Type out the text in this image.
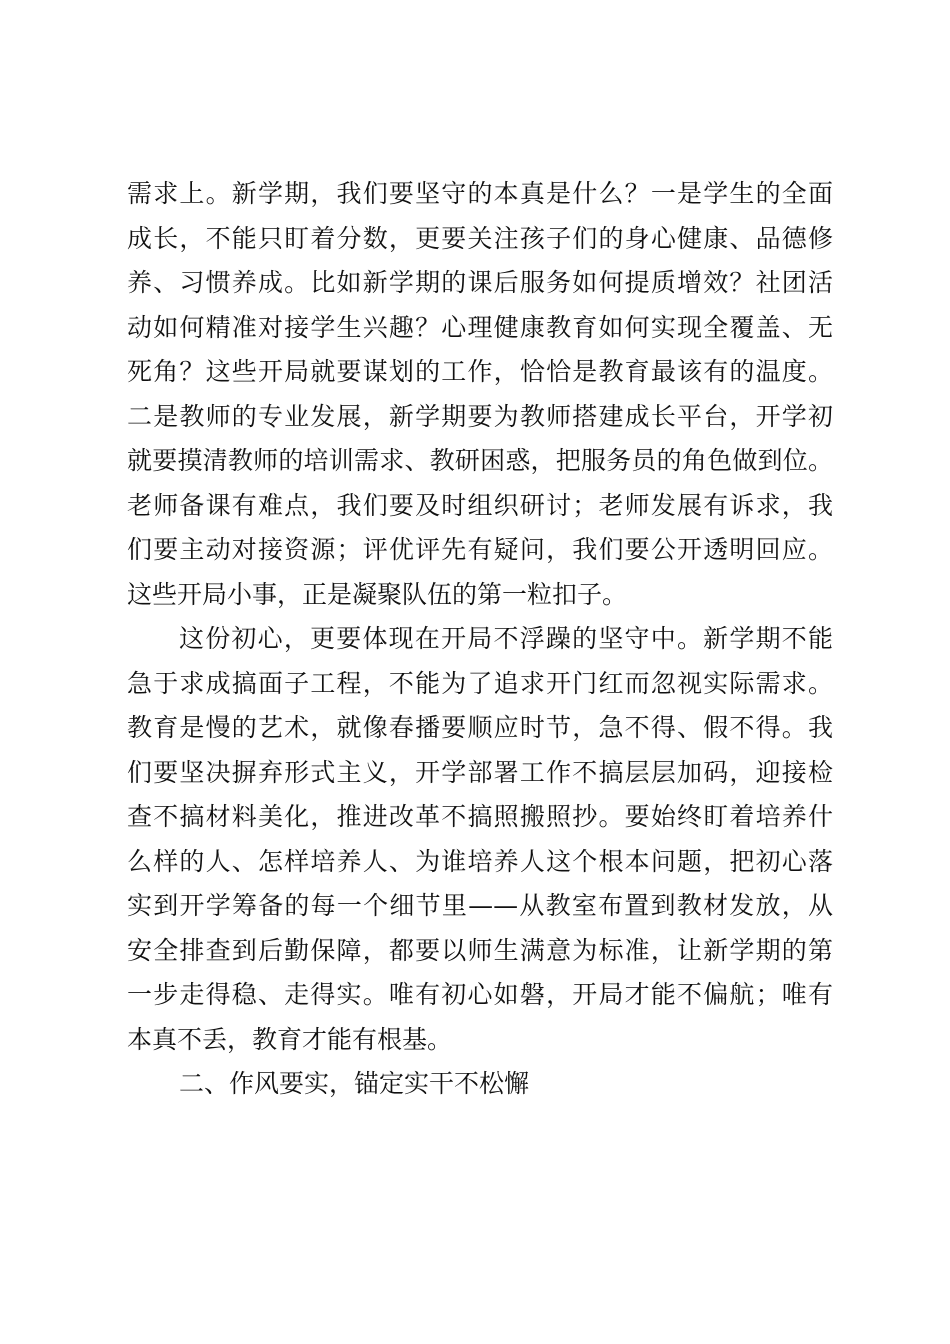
需求上。新学期，我们要坚守的本真是什么？一是学生的全面
成长，不能只盯着分数，更要关注孩子们的身心健康、品德修
养、习惯养成。比如新学期的课后服务如何提质增效？社团活
动如何精准对接学生兴趣？心理健康教育如何实现全覆盖、无
死角？这些开局就要谋划的工作，恰恰是教育最该有的温度。
二是教师的专业发展，新学期要为教师搭建成长平台，开学初
就要摸清教师的培训需求、教研困惑，把服务员的角色做到位。
老师备课有难点，我们要及时组织研讨；老师发展有诉求，我
们要主动对接资源；评优评先有疑问，我们要公开透明回应。
这些开局小事，正是凝聚队伍的第一粒扣子。
这份初心，更要体现在开局不浮躁的坚守中。新学期不能
急于求成搞面子工程，不能为了追求开门红而忽视实际需求。
教育是慢的艺术，就像春播要顺应时节，急不得、假不得。我
们要坚决摒弃形式主义，开学部署工作不搞层层加码，迎接检
查不搞材料美化，推进改革不搞照搬照抄。要始终盯着培养什
么样的人、怎样培养人、为谁培养人这个根本问题，把初心落
实到开学筹备的每一个细节里——从教室布置到教材发放，从
安全排查到后勤保障，都要以师生满意为标准，让新学期的第
一步走得稳、走得实。唯有初心如磐，开局才能不偏航；唯有
本真不丢，教育才能有根基。
二、作风要实，锚定实干不松懈
